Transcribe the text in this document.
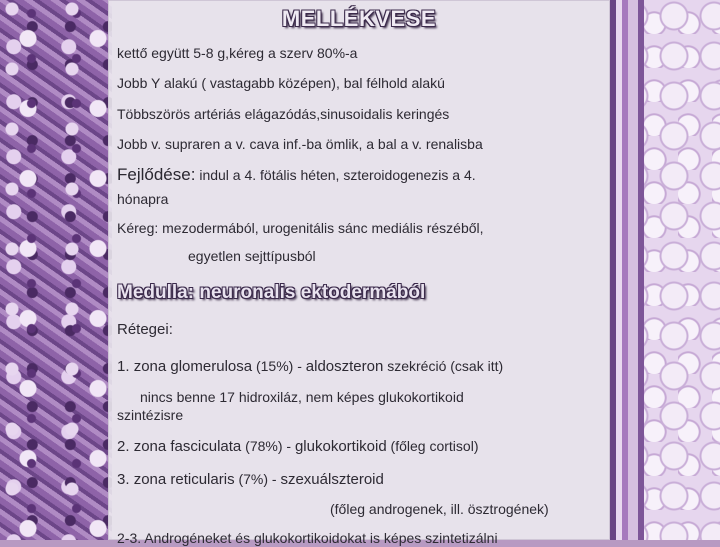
MELLÉKVESE
kettő együtt 5-8 g,kéreg a szerv 80%-a
Jobb Y alakú ( vastagabb középen), bal félhold alakú
Többszörös artériás elágazódás,sinusoidalis keringés
Jobb v. supraren a v. cava inf.-ba ömlik, a bal a v. renalisba
Fejlődése: indul a 4. fötális héten, szteroidogenezis a 4.
hónapra
Kéreg: mezodermából, urogenitális sánc mediális részéből,
egyetlen sejttípusból
Medulla: neuronalis ektodermából
Rétegei:
1. zona glomerulosa (15%) - aldoszteron szekréció (csak itt)
nincs benne 17 hidroxiláz, nem képes glukokortikoid
szintézisre
2. zona fasciculata (78%) - glukokortikoid (főleg cortisol)
3. zona reticularis (7%) - szexuálszteroid
(főleg androgenek, ill. ösztrogének)
2-3. Androgéneket és glukokortikoidokat is képes szintetizálni
